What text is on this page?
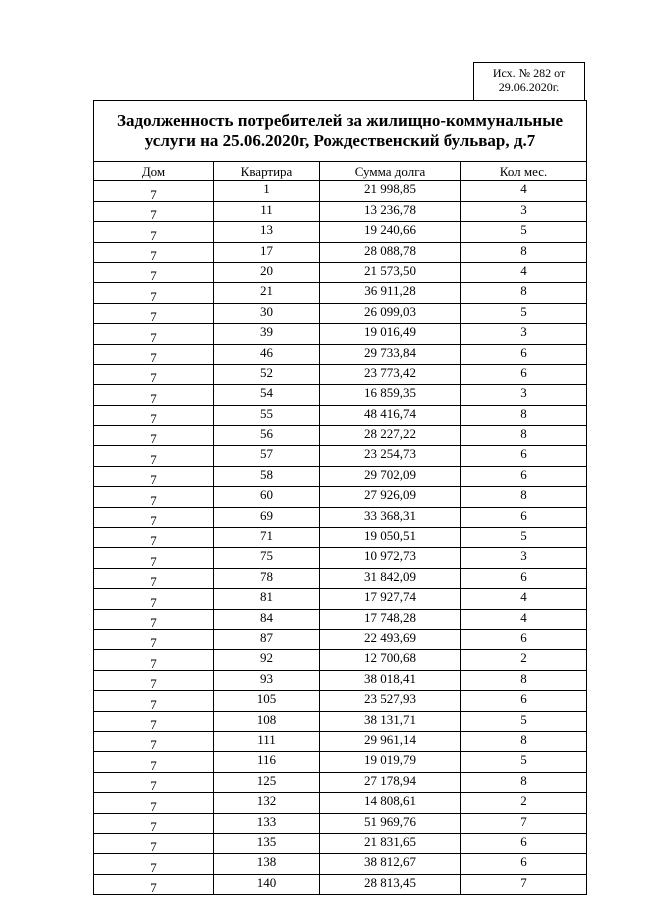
Исх. № 282 от
29.06.2020г.
Задолженность потребителей за жилищно-коммунальные
услуги на 25.06.2020г, Рождественский бульвар, д.7			

Дом	Квартира	Сумма долга	Кол мес.
7	1	21 998,85	4
7	11	13 236,78	3
7	13	19 240,66	5
7	17	28 088,78	8
7	20	21 573,50	4
7	21	36 911,28	8
7	30	26 099,03	5
7	39	19 016,49	3
7	46	29 733,84	6
7	52	23 773,42	6
7	54	16 859,35	3
7	55	48 416,74	8
7	56	28 227,22	8
7	57	23 254,73	6
7	58	29 702,09	6
7	60	27 926,09	8
7	69	33 368,31	6
7	71	19 050,51	5
7	75	10 972,73	3
7	78	31 842,09	6
7	81	17 927,74	4
7	84	17 748,28	4
7	87	22 493,69	6
7	92	12 700,68	2
7	93	38 018,41	8
7	105	23 527,93	6
7	108	38 131,71	5
7	111	29 961,14	8
7	116	19 019,79	5
7	125	27 178,94	8
7	132	14 808,61	2
7	133	51 969,76	7
7	135	21 831,65	6
7	138	38 812,67	6
7	140	28 813,45	7
